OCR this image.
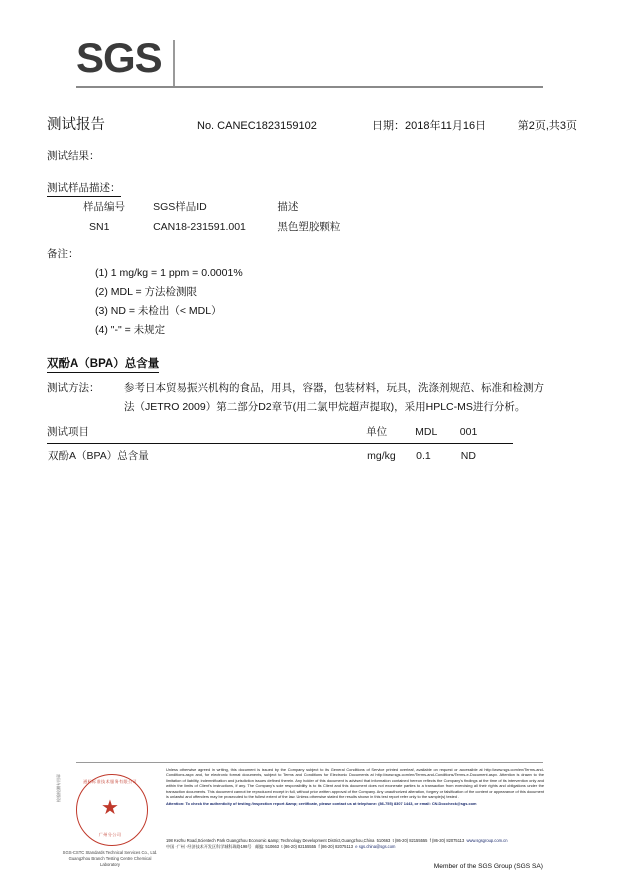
SGS
测试报告	No. CANEC1823159102	日期：2018年11月16日	第2页,共3页
测试结果：
测试样品描述：
样品编号	SGS样品ID	描述
SN1	CAN18-231591.001	黑色塑胶颗粒
备注：
(1) 1 mg/kg = 1 ppm = 0.0001%
(2) MDL = 方法检测限
(3) ND = 未检出（< MDL）
(4) "-" = 未规定
双酚A（BPA）总含量
测试方法： 参考日本贸易振兴机构的食品，用具，容器，包装材料，玩具，洗涤剂规范、标准和检测方法（JETRO 2009）第二部分D2章节(用二氯甲烷超声提取)，采用HPLC-MS进行分析。
测试项目	单位	MDL	001
双酚A（BPA）总含量	mg/kg	0.1	ND
通标标准技术服务有限公司
★
广州分公司
SGS-CSTC Standards Technical Services Co., Ltd.
Guangzhou Branch Testing Centre Chemical Laboratory
检验检测专用章
Unless otherwise agreed in writing, this document is issued by the Company subject to its General Conditions of Service printed overleaf, available on request or accessible at http://www.sgs.com/en/Terms-and-Conditions.aspx and, for electronic format documents, subject to Terms and Conditions for Electronic Documents at http://www.sgs.com/en/Terms-and-Conditions/Terms-e-Document.aspx. Attention is drawn to the limitation of liability, indemnification and jurisdiction issues defined therein. Any holder of this document is advised that information contained hereon reflects the Company's findings at the time of its intervention only and within the limits of Client's instructions, if any. The Company's sole responsibility is to its Client and this document does not exonerate parties to a transaction from exercising all their rights and obligations under the transaction documents. This document cannot be reproduced except in full, without prior written approval of the Company. Any unauthorized alteration, forgery or falsification of the content or appearance of this document is unlawful and offenders may be prosecuted to the fullest extent of the law. Unless otherwise stated the results shown in this test report refer only to the sample(s) tested .
Attention: To check the authenticity of testing /inspection report &amp; certificate, please contact us at telephone: (86-755) 8307 1443, or email: CN.Doccheck@sgs.com
198 Kezhu Road,Scientech Park Guangzhou Economic &amp; Technology Development District,Guangzhou,China 510663 t (86-20) 82155555 f (86-20) 82075113 www.sgsgroup.com.cn
中国 ·广州 ·经济技术开发区科学城科珠路198号 邮编: 510663 t (86-20) 82155555 f (86-20) 82075113 e sgs.china@sgs.com
Member of the SGS Group (SGS SA)
